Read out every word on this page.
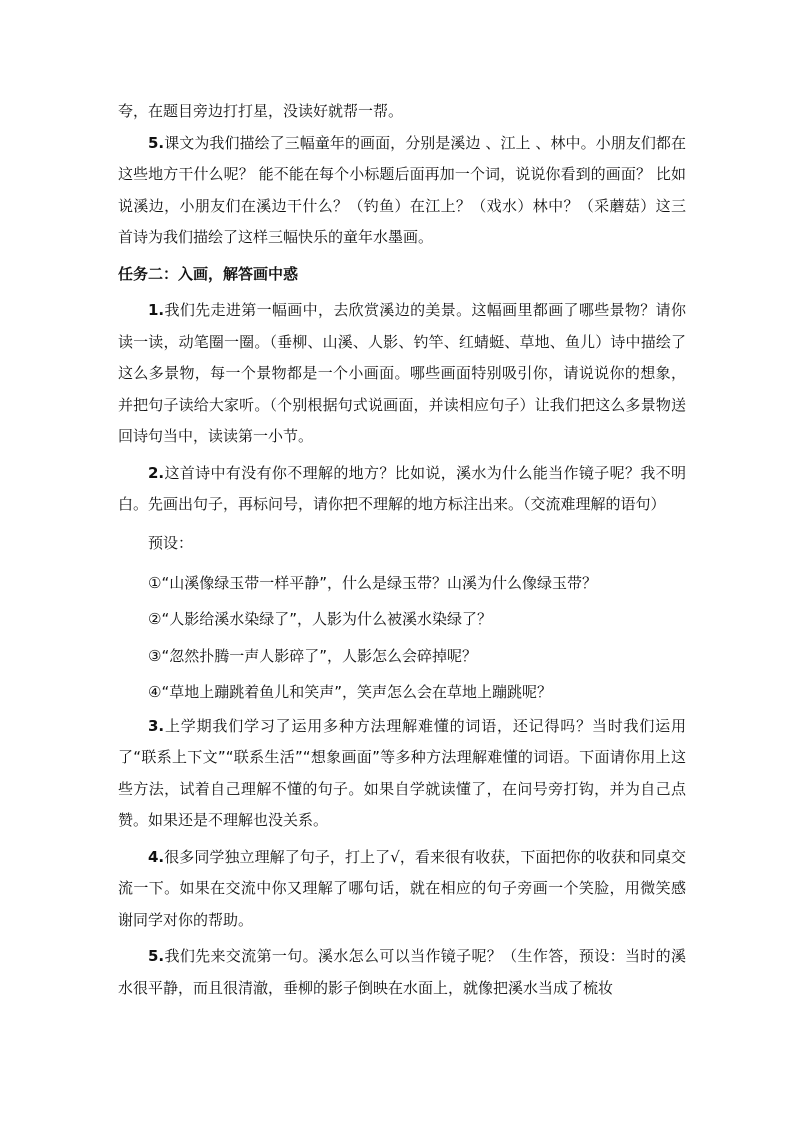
夸，在题目旁边打打星，没读好就帮一帮。

5.课文为我们描绘了三幅童年的画面，分别是溪边 、江上 、林中。小朋友们都在这些地方干什么呢？ 能不能在每个小标题后面再加一个词，说说你看到的画面？ 比如说溪边，小朋友们在溪边干什么？（钓鱼）在江上？（戏水）林中？（采蘑菇）这三首诗为我们描绘了这样三幅快乐的童年水墨画。

任务二：入画，解答画中惑

1.我们先走进第一幅画中，去欣赏溪边的美景。这幅画里都画了哪些景物？请你读一读，动笔圈一圈。（垂柳、山溪、人影、钓竿、红蜻蜓、草地、鱼儿）诗中描绘了这么多景物，每一个景物都是一个小画面。哪些画面特别吸引你，请说说你的想象，并把句子读给大家听。（个别根据句式说画面，并读相应句子）让我们把这么多景物送回诗句当中，读读第一小节。

2.这首诗中有没有你不理解的地方？比如说，溪水为什么能当作镜子呢？我不明白。先画出句子，再标问号，请你把不理解的地方标注出来。（交流难理解的语句）

预设：

①“山溪像绿玉带一样平静”，什么是绿玉带？山溪为什么像绿玉带？
②“人影给溪水染绿了”，人影为什么被溪水染绿了？
③“忽然扑腾一声人影碎了”，人影怎么会碎掉呢？
④“草地上蹦跳着鱼儿和笑声”，笑声怎么会在草地上蹦跳呢？

3.上学期我们学习了运用多种方法理解难懂的词语，还记得吗？当时我们运用了“联系上下文”“联系生活”“想象画面”等多种方法理解难懂的词语。下面请你用上这些方法，试着自己理解不懂的句子。如果自学就读懂了，在问号旁打钩，并为自己点赞。如果还是不理解也没关系。

4.很多同学独立理解了句子，打上了√，看来很有收获，下面把你的收获和同桌交流一下。如果在交流中你又理解了哪句话，就在相应的句子旁画一个笑脸，用微笑感谢同学对你的帮助。

5.我们先来交流第一句。溪水怎么可以当作镜子呢？（生作答，预设：当时的溪水很平静，而且很清澈，垂柳的影子倒映在水面上，就像把溪水当成了梳妆
